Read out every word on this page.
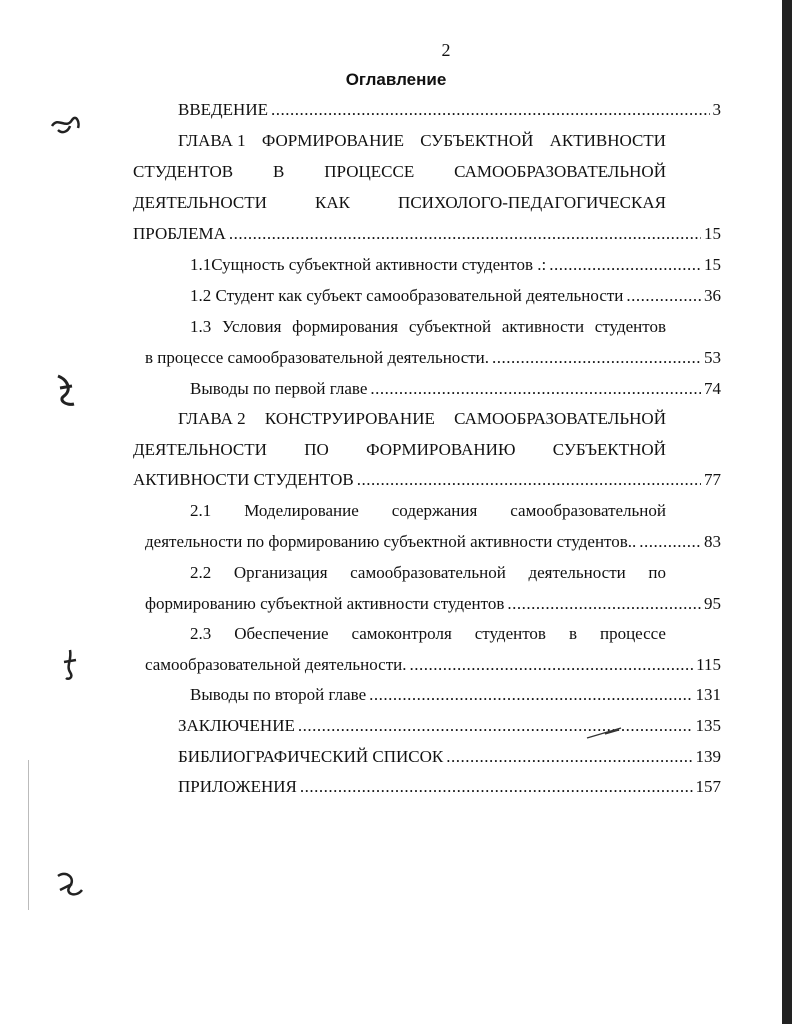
2
Оглавление
ВВЕДЕНИЕ .....	3
ГЛАВА 1 ФОРМИРОВАНИЕ СУБЪЕКТНОЙ АКТИВНОСТИ
СТУДЕНТОВ В ПРОЦЕССЕ САМООБРАЗОВАТЕЛЬНОЙ
ДЕЯТЕЛЬНОСТИ	КАК	ПСИХОЛОГО-ПЕДАГОГИЧЕСКАЯ
ПРОБЛЕМА .....	15
1.1Сущность субъектной активности студентов .: .....	15
1.2 Студент как субъект самообразовательной деятельности .....	36
1.3 Условия формирования субъектной активности студентов
в процессе самообразовательной деятельности. .....	53
Выводы по первой главе .....	74
ГЛАВА 2 КОНСТРУИРОВАНИЕ САМООБРАЗОВАТЕЛЬНОЙ
ДЕЯТЕЛЬНОСТИ ПО ФОРМИРОВАНИЮ СУБЪЕКТНОЙ
АКТИВНОСТИ СТУДЕНТОВ .....	77
2.1 Моделирование содержания самообразовательной
деятельности по формированию субъектной активности студентов.. .....	83
2.2 Организация самообразовательной деятельности по
формированию субъектной активности студентов .....	95
2.3 Обеспечение самоконтроля студентов в процессе
самообразовательной деятельности. .....	115
Выводы по второй главе .....	131
ЗАКЛЮЧЕНИЕ .....	135
БИБЛИОГРАФИЧЕСКИЙ СПИСОК .....	139
ПРИЛОЖЕНИЯ .....	157
